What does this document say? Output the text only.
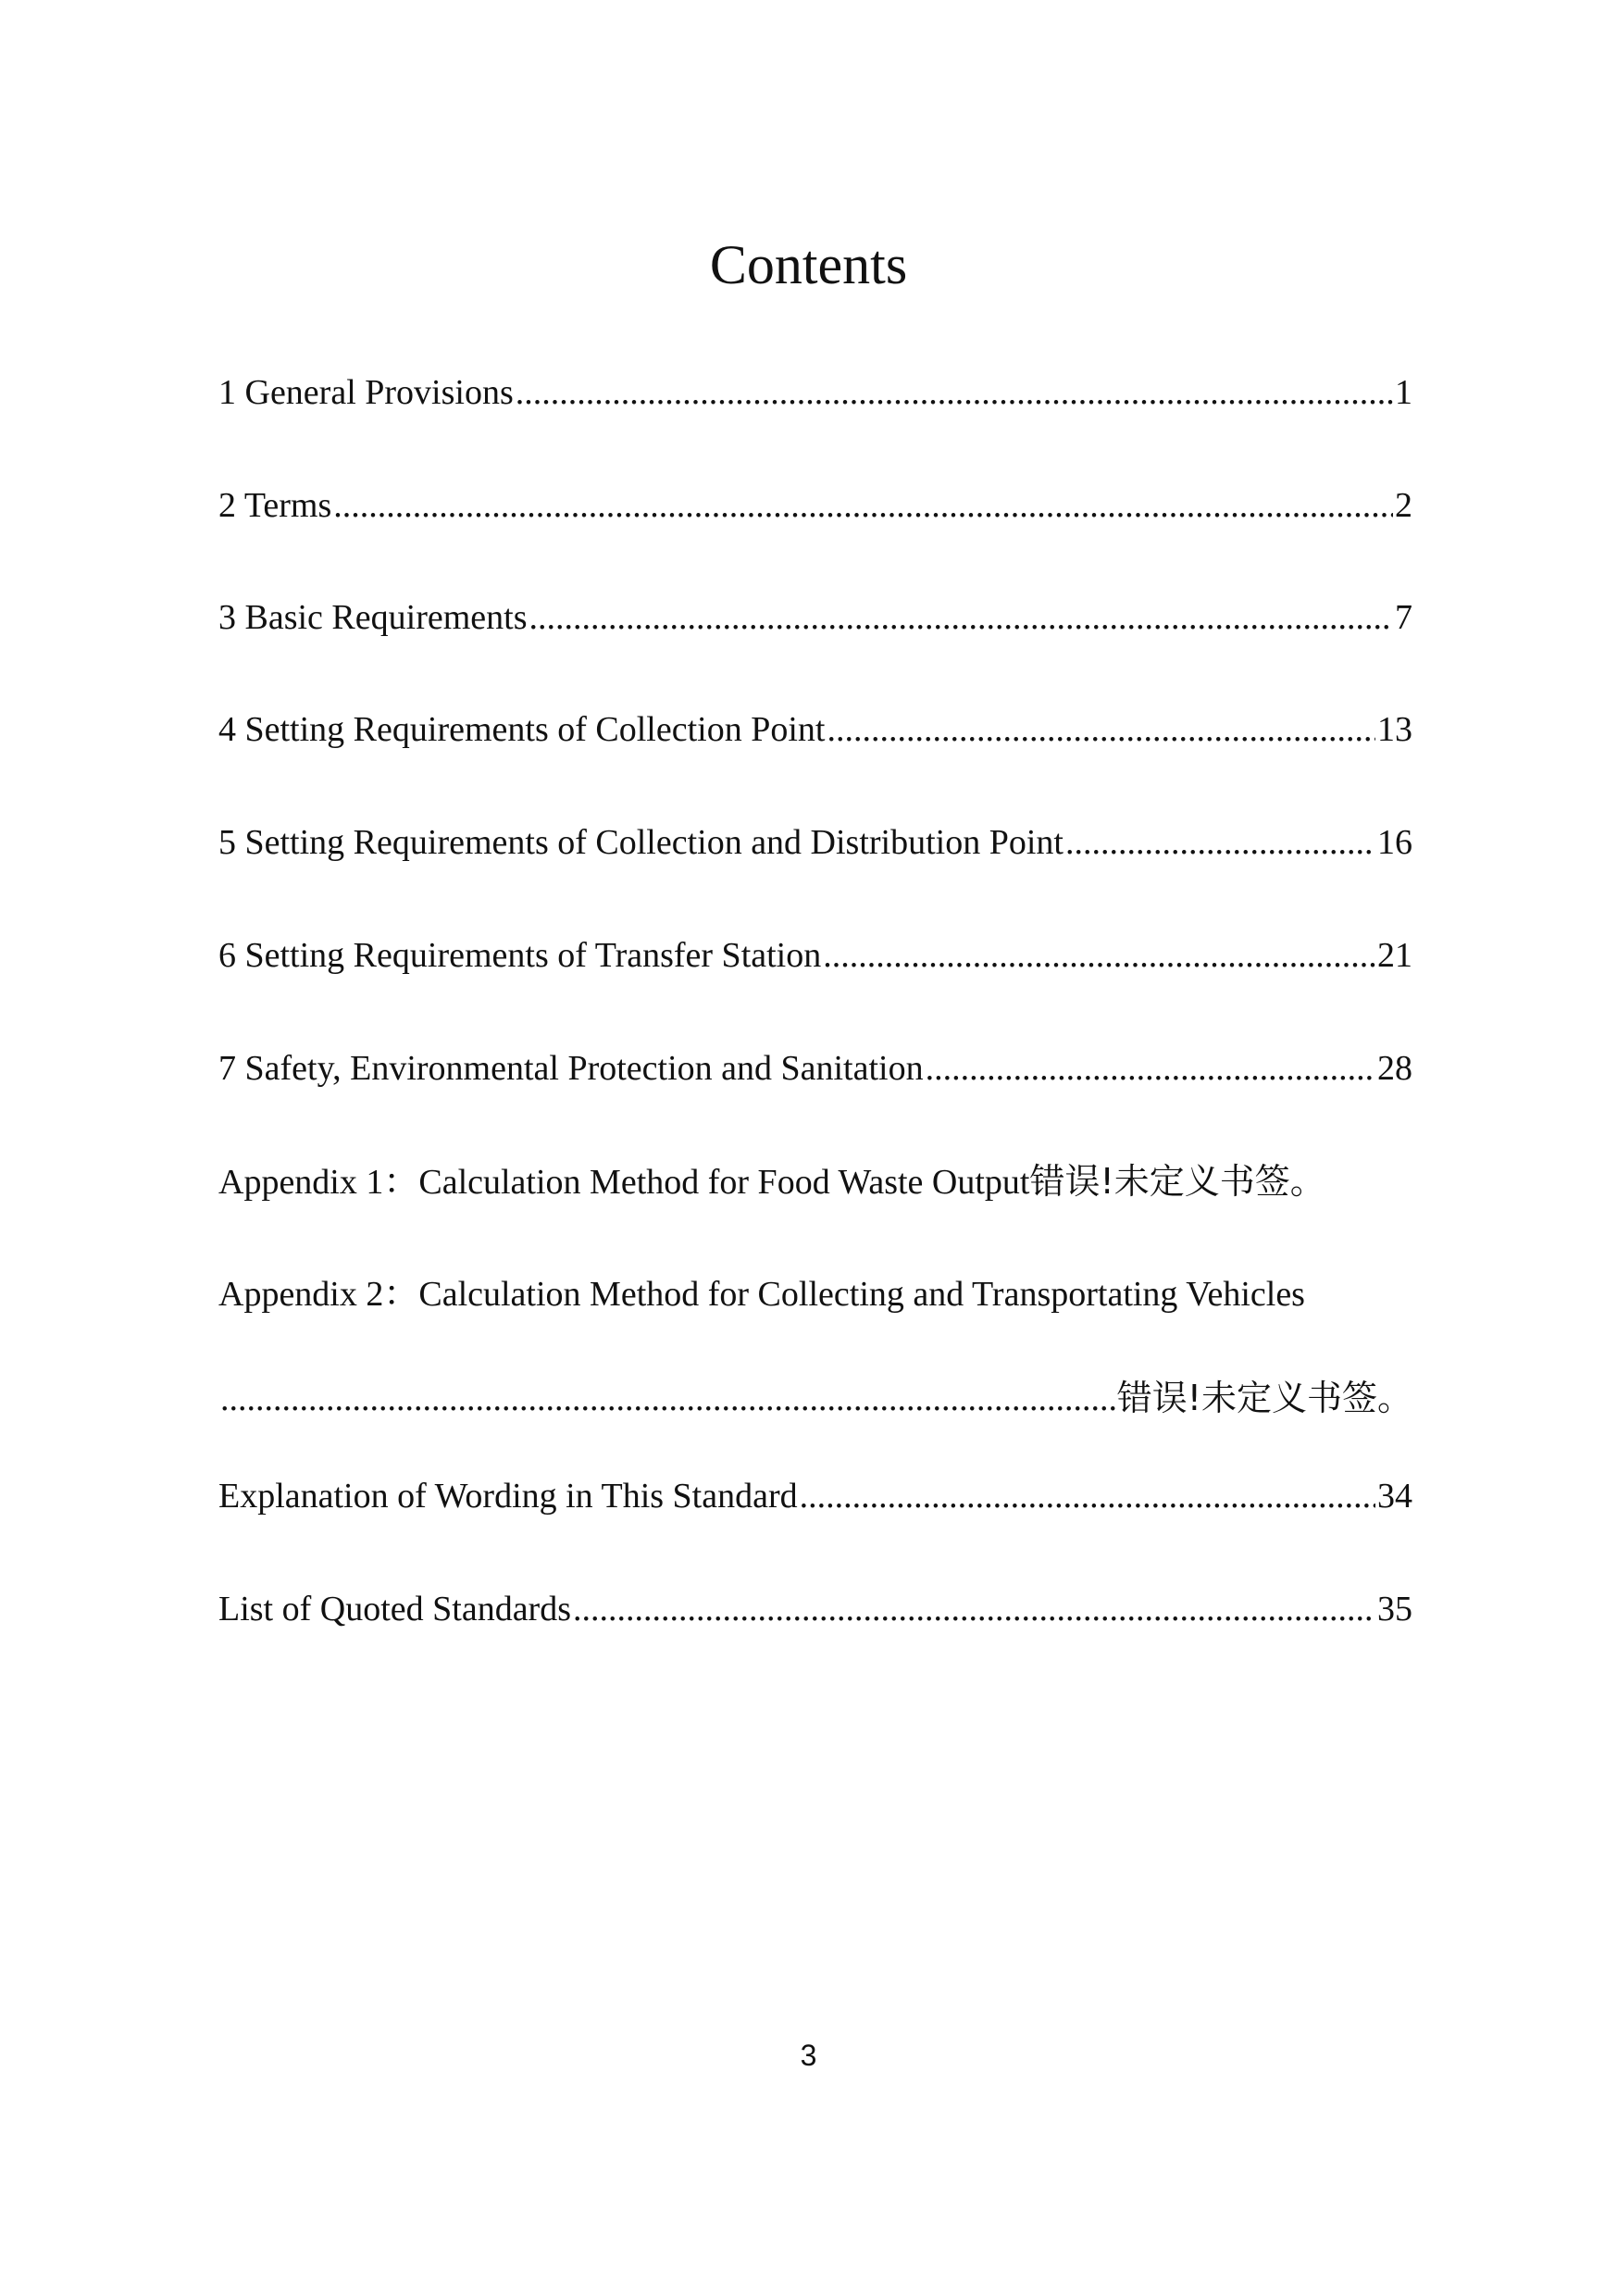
Contents
1 General Provisions .....	1
2 Terms .....	2
3 Basic Requirements .....	7
4 Setting Requirements of Collection Point .....	13
5 Setting Requirements of Collection and Distribution Point .....	16
6 Setting Requirements of Transfer Station .....	21
7 Safety, Environmental Protection and Sanitation .....	28
Appendix 1：Calculation Method for Food Waste Output 错误!未定义书签。
Appendix 2：Calculation Method for Collecting and Transportating Vehicles
.....
错误!未定义书签。
Explanation of Wording in This Standard .....	34
List of Quoted Standards .....	35
3
